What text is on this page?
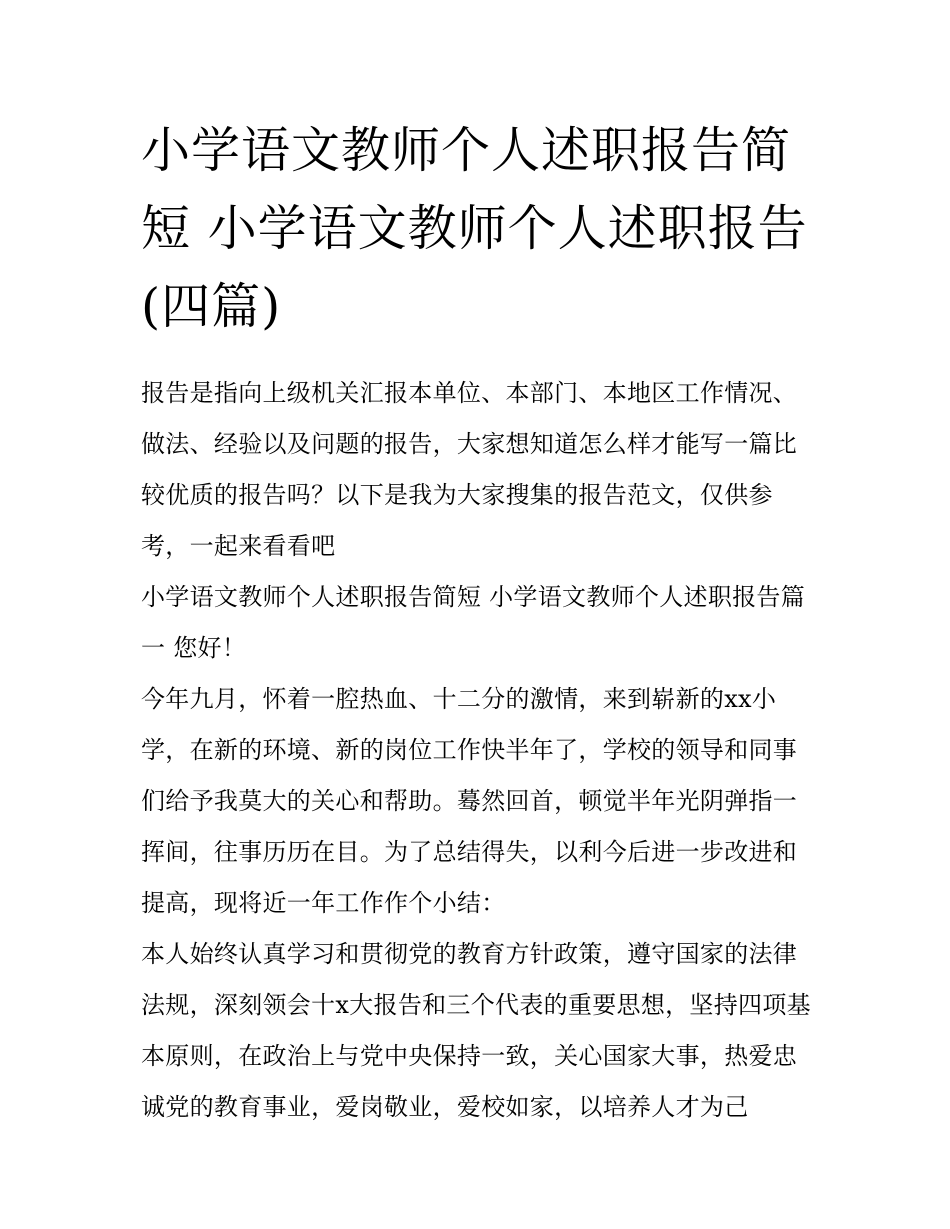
小学语文教师个人述职报告简短 小学语文教师个人述职报告(四篇)

报告是指向上级机关汇报本单位、本部门、本地区工作情况、做法、经验以及问题的报告，大家想知道怎么样才能写一篇比较优质的报告吗？以下是我为大家搜集的报告范文，仅供参考，一起来看看吧

小学语文教师个人述职报告简短 小学语文教师个人述职报告篇一 您好！

今年九月，怀着一腔热血、十二分的激情，来到崭新的xx小学，在新的环境、新的岗位工作快半年了，学校的领导和同事们给予我莫大的关心和帮助。蓦然回首，顿觉半年光阴弹指一挥间，往事历历在目。为了总结得失，以利今后进一步改进和提高，现将近一年工作作个小结：

本人始终认真学习和贯彻党的教育方针政策，遵守国家的法律法规，深刻领会十x大报告和三个代表的重要思想，坚持四项基本原则，在政治上与党中央保持一致，关心国家大事，热爱忠诚党的教育事业，爱岗敬业，爱校如家，以培养人才为己
